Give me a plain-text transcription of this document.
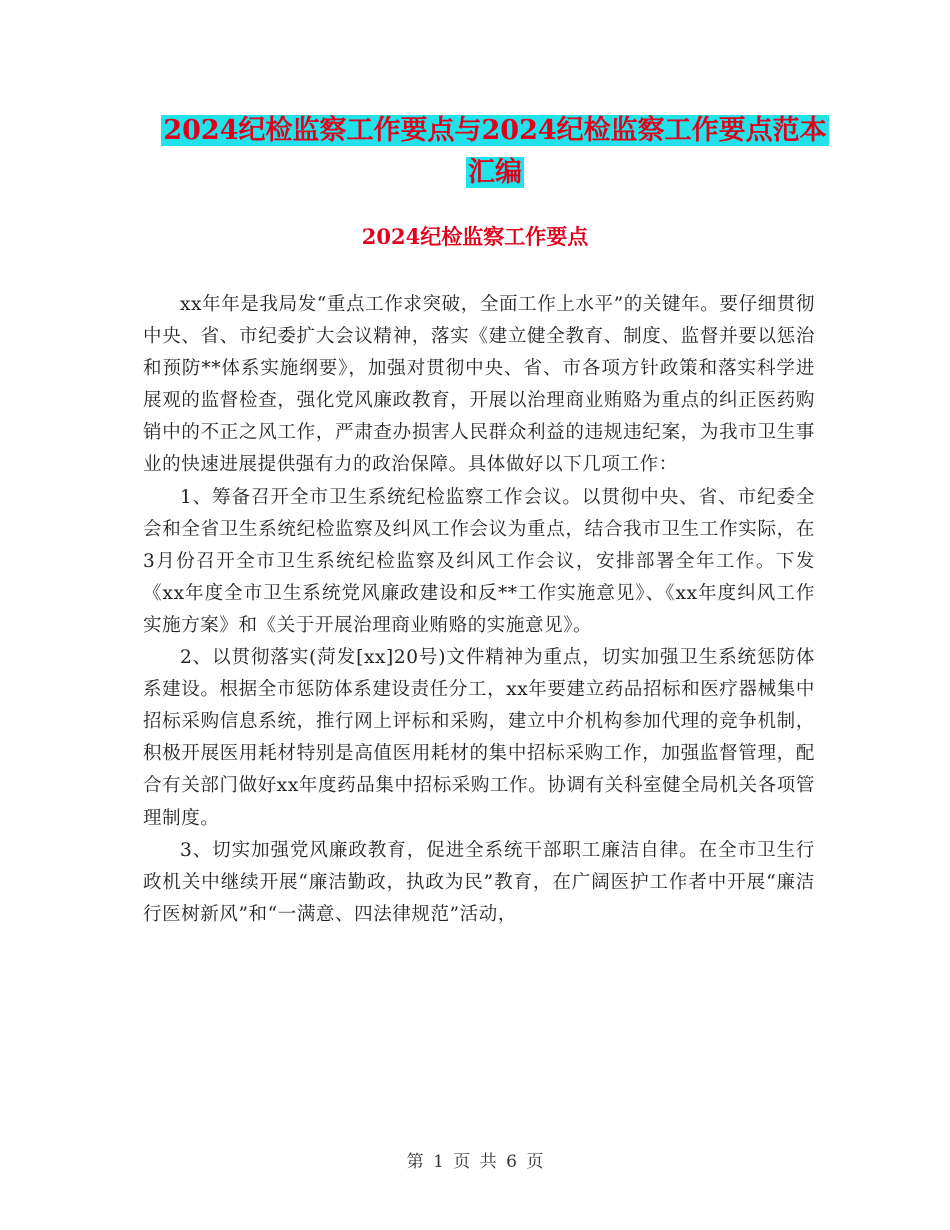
2024纪检监察工作要点与2024纪检监察工作要点范本
汇编
2024纪检监察工作要点

xx年年是我局发“重点工作求突破，全面工作上水平”的关键年。要仔细贯彻中央、省、市纪委扩大会议精神，落实《建立健全教育、制度、监督并要以惩治和预防**体系实施纲要》，加强对贯彻中央、省、市各项方针政策和落实科学进展观的监督检查，强化党风廉政教育，开展以治理商业贿赂为重点的纠正医药购销中的不正之风工作，严肃查办损害人民群众利益的违规违纪案，为我市卫生事业的快速进展提供强有力的政治保障。具体做好以下几项工作：

1、筹备召开全市卫生系统纪检监察工作会议。以贯彻中央、省、市纪委全会和全省卫生系统纪检监察及纠风工作会议为重点，结合我市卫生工作实际，在3月份召开全市卫生系统纪检监察及纠风工作会议，安排部署全年工作。下发《xx年度全市卫生系统党风廉政建设和反**工作实施意见》、《xx年度纠风工作实施方案》和《关于开展治理商业贿赂的实施意见》。

2、以贯彻落实(菏发[xx]20号)文件精神为重点，切实加强卫生系统惩防体系建设。根据全市惩防体系建设责任分工，xx年要建立药品招标和医疗器械集中招标采购信息系统，推行网上评标和采购，建立中介机构参加代理的竞争机制，积极开展医用耗材特别是高值医用耗材的集中招标采购工作，加强监督管理，配合有关部门做好xx年度药品集中招标采购工作。协调有关科室健全局机关各项管理制度。

3、切实加强党风廉政教育，促进全系统干部职工廉洁自律。在全市卫生行政机关中继续开展“廉洁勤政，执政为民”教育，在广阔医护工作者中开展“廉洁行医树新风”和“一满意、四法律规范”活动，

第 1 页 共 6 页
